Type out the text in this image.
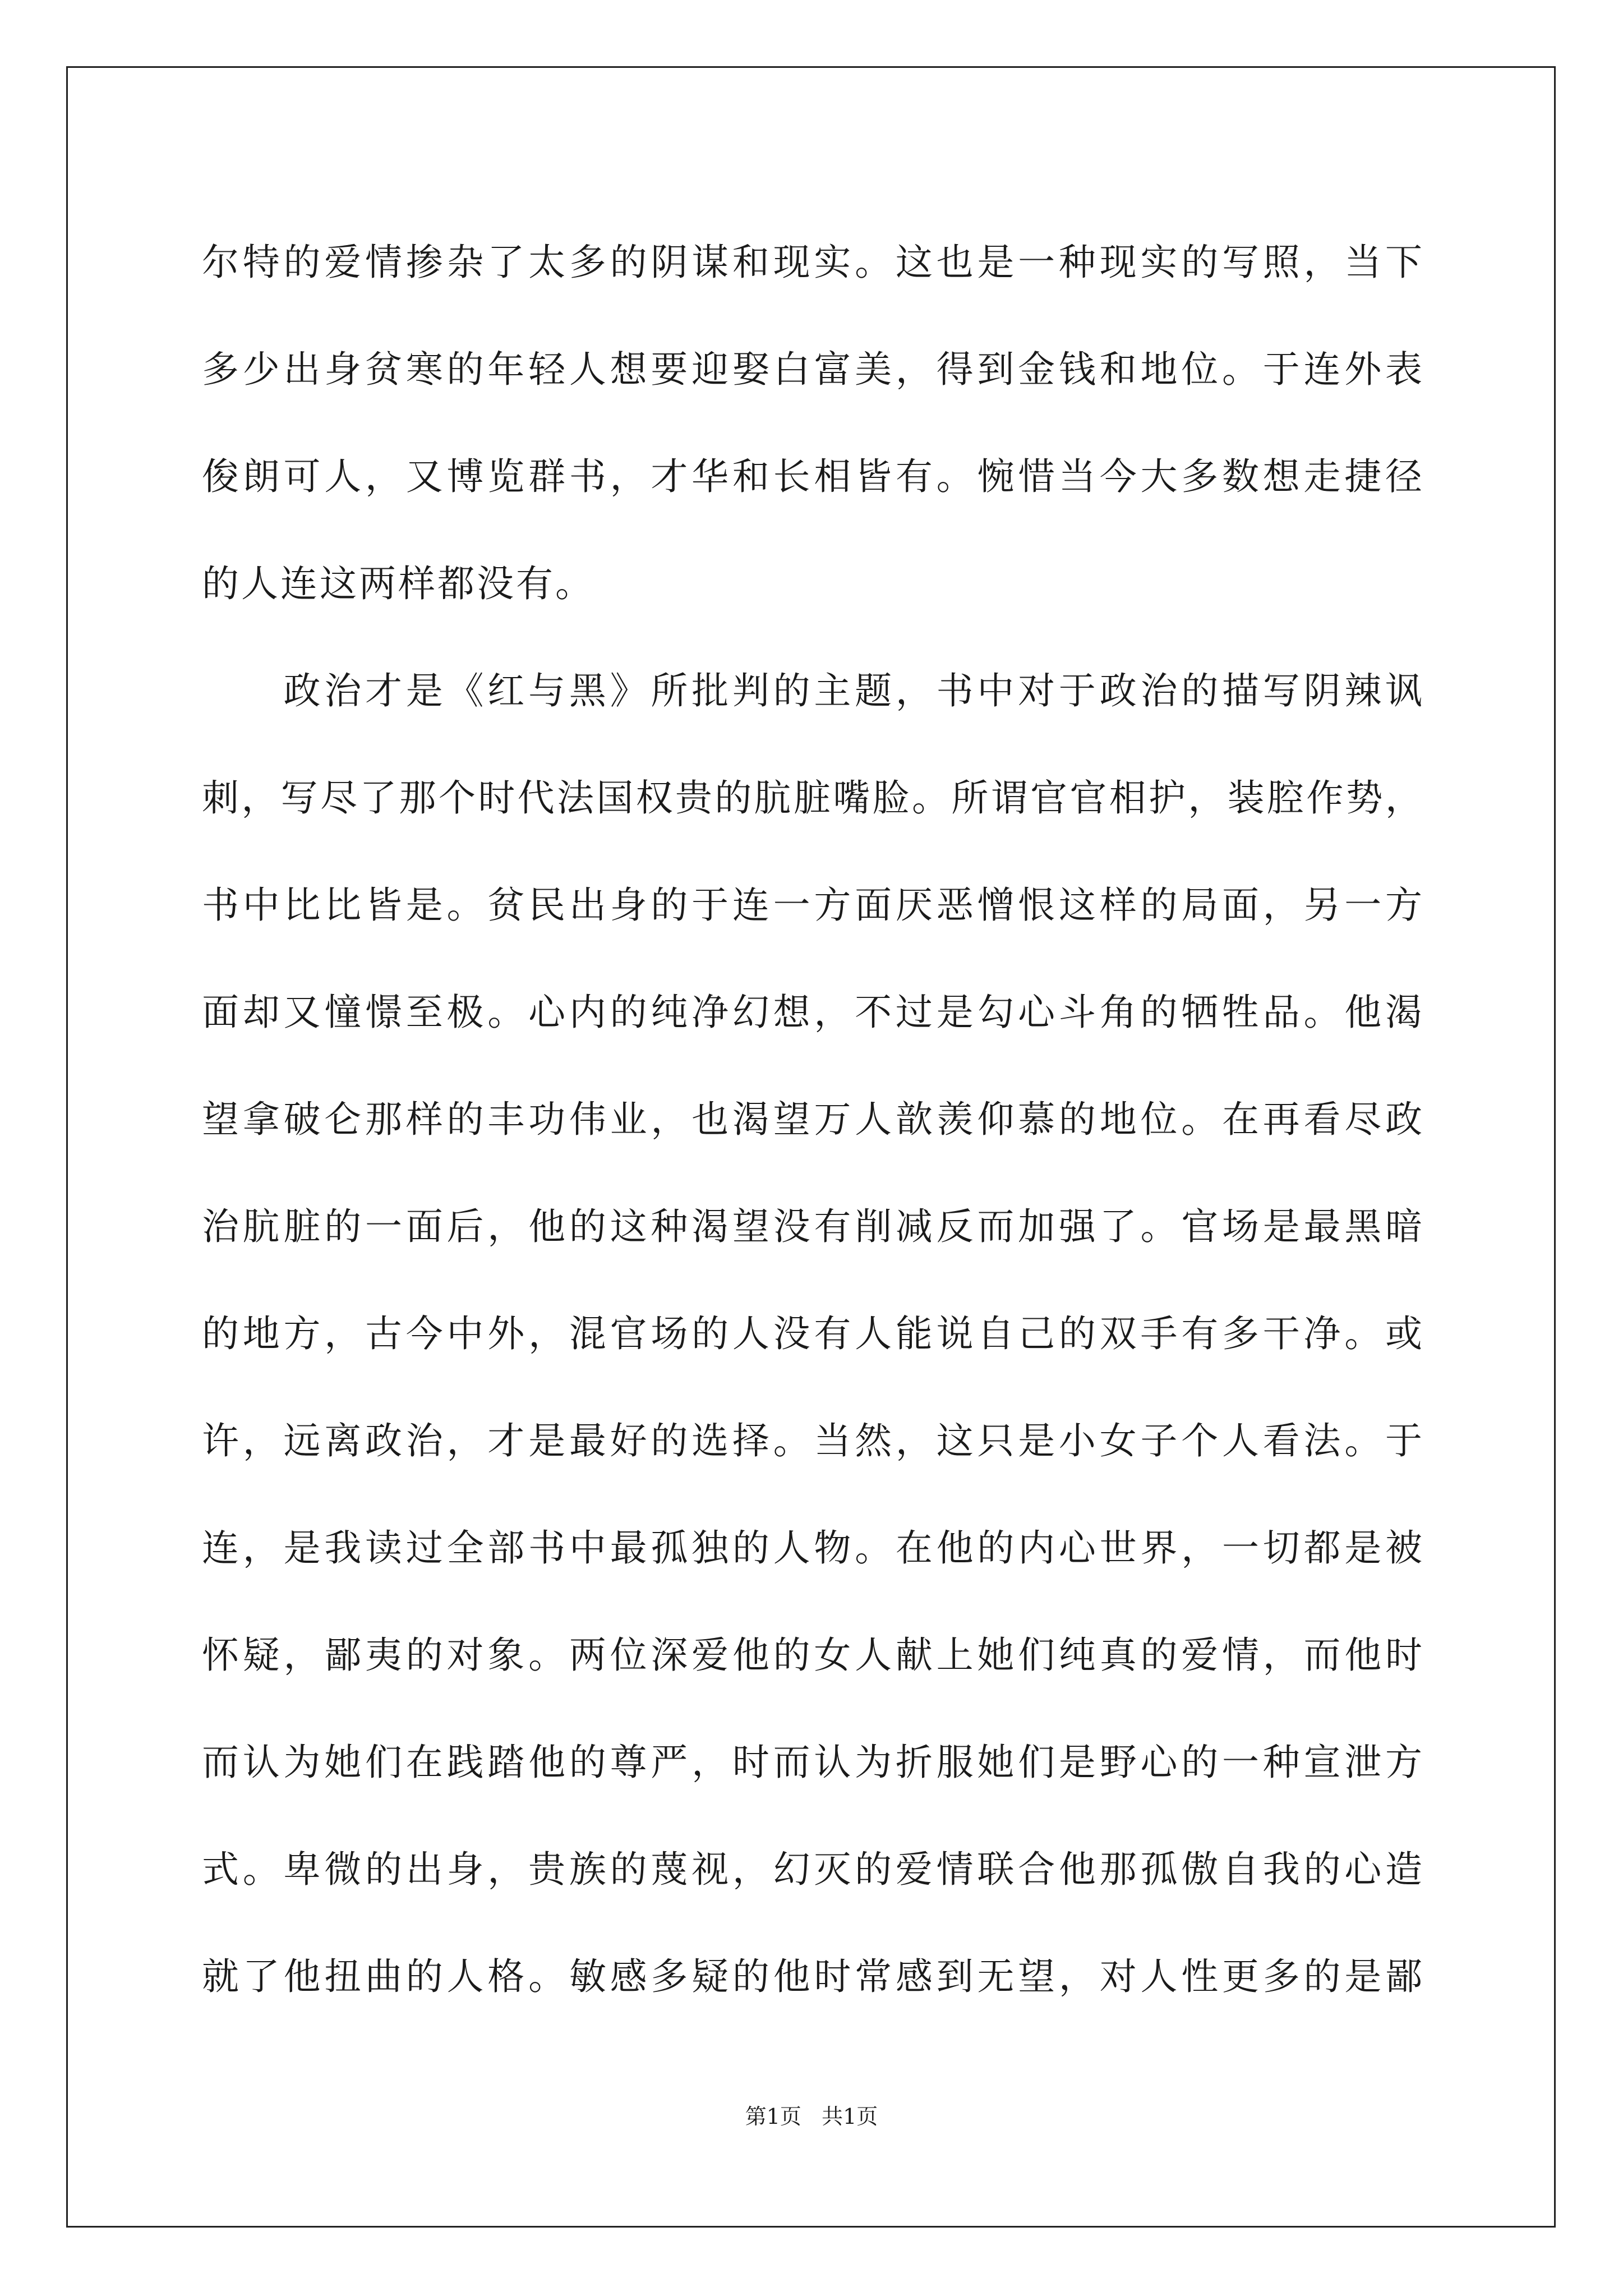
尔特的爱情掺杂了太多的阴谋和现实。这也是一种现实的写照，当下
多少出身贫寒的年轻人想要迎娶白富美，得到金钱和地位。于连外表
俊朗可人，又博览群书，才华和长相皆有。惋惜当今大多数想走捷径
的人连这两样都没有。
　　政治才是《红与黑》所批判的主题，书中对于政治的描写阴辣讽
刺，写尽了那个时代法国权贵的肮脏嘴脸。所谓官官相护，装腔作势，
书中比比皆是。贫民出身的于连一方面厌恶憎恨这样的局面，另一方
面却又憧憬至极。心内的纯净幻想，不过是勾心斗角的牺牲品。他渴
望拿破仑那样的丰功伟业，也渴望万人歆羡仰慕的地位。在再看尽政
治肮脏的一面后，他的这种渴望没有削减反而加强了。官场是最黑暗
的地方，古今中外，混官场的人没有人能说自己的双手有多干净。或
许，远离政治，才是最好的选择。当然，这只是小女子个人看法。于
连，是我读过全部书中最孤独的人物。在他的内心世界，一切都是被
怀疑，鄙夷的对象。两位深爱他的女人献上她们纯真的爱情，而他时
而认为她们在践踏他的尊严，时而认为折服她们是野心的一种宣泄方
式。卑微的出身，贵族的蔑视，幻灭的爱情联合他那孤傲自我的心造
就了他扭曲的人格。敏感多疑的他时常感到无望，对人性更多的是鄙
第1页 共1页
